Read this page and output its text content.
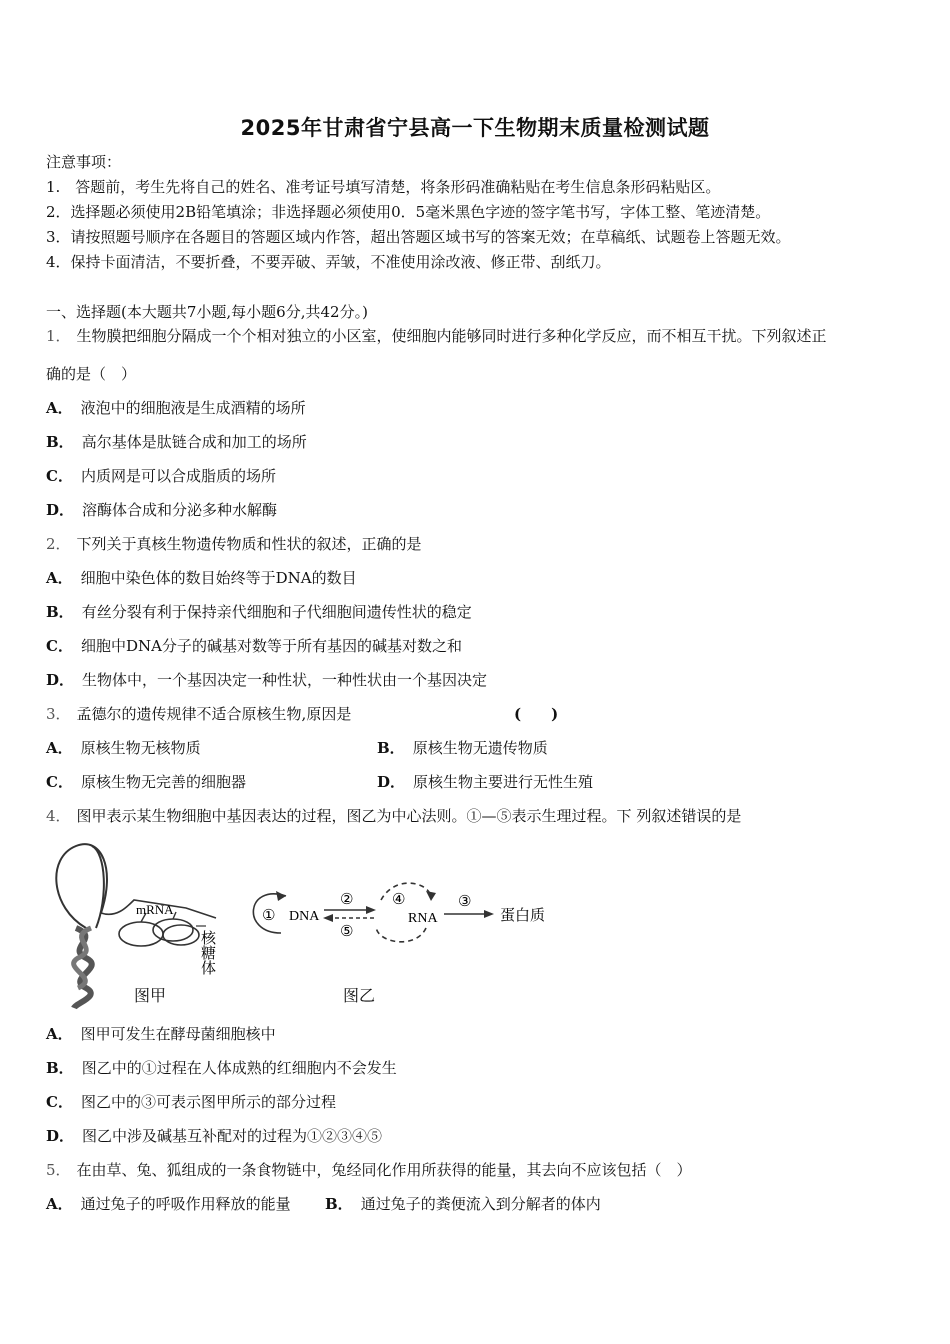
2025年甘肃省宁县高一下生物期末质量检测试题
注意事项：
1.　答题前，考生先将自己的姓名、准考证号填写清楚，将条形码准确粘贴在考生信息条形码粘贴区。
2．选择题必须使用2B铅笔填涂；非选择题必须使用0．5毫米黑色字迹的签字笔书写，字体工整、笔迹清楚。
3．请按照题号顺序在各题目的答题区域内作答，超出答题区域书写的答案无效；在草稿纸、试题卷上答题无效。
4．保持卡面清洁，不要折叠，不要弄破、弄皱，不准使用涂改液、修正带、刮纸刀。
一、选择题(本大题共7小题,每小题6分,共42分。)
1． 生物膜把细胞分隔成一个个相对独立的小区室，使细胞内能够同时进行多种化学反应，而不相互干扰。下列叙述正
确的是（　）
A． 液泡中的细胞液是生成酒精的场所
B． 高尔基体是肽链合成和加工的场所
C． 内质网是可以合成脂质的场所
D． 溶酶体合成和分泌多种水解酶
2． 下列关于真核生物遗传物质和性状的叙述，正确的是
A． 细胞中染色体的数目始终等于DNA的数目
B． 有丝分裂有利于保持亲代细胞和子代细胞间遗传性状的稳定
C． 细胞中DNA分子的碱基对数等于所有基因的碱基对数之和
D． 生物体中，一个基因决定一种性状，一种性状由一个基因决定
3． 孟德尔的遗传规律不适合原核生物,原因是	(　　)
A． 原核生物无核物质	B． 原核生物无遗传物质
C． 原核生物无完善的细胞器	D． 原核生物主要进行无性生殖
4． 图甲表示某生物细胞中基因表达的过程，图乙为中心法则。①—⑤表示生理过程。下 列叙述错误的是
mRNA
核糖体
① DNA
②
⑤
④
RNA
③
蛋白质
图甲	图乙
A． 图甲可发生在酵母菌细胞核中
B． 图乙中的①过程在人体成熟的红细胞内不会发生
C． 图乙中的③可表示图甲所示的部分过程
D． 图乙中涉及碱基互补配对的过程为①②③④⑤
5． 在由草、兔、狐组成的一条食物链中，兔经同化作用所获得的能量，其去向不应该包括（　）
A． 通过兔子的呼吸作用释放的能量 B． 通过兔子的粪便流入到分解者的体内
